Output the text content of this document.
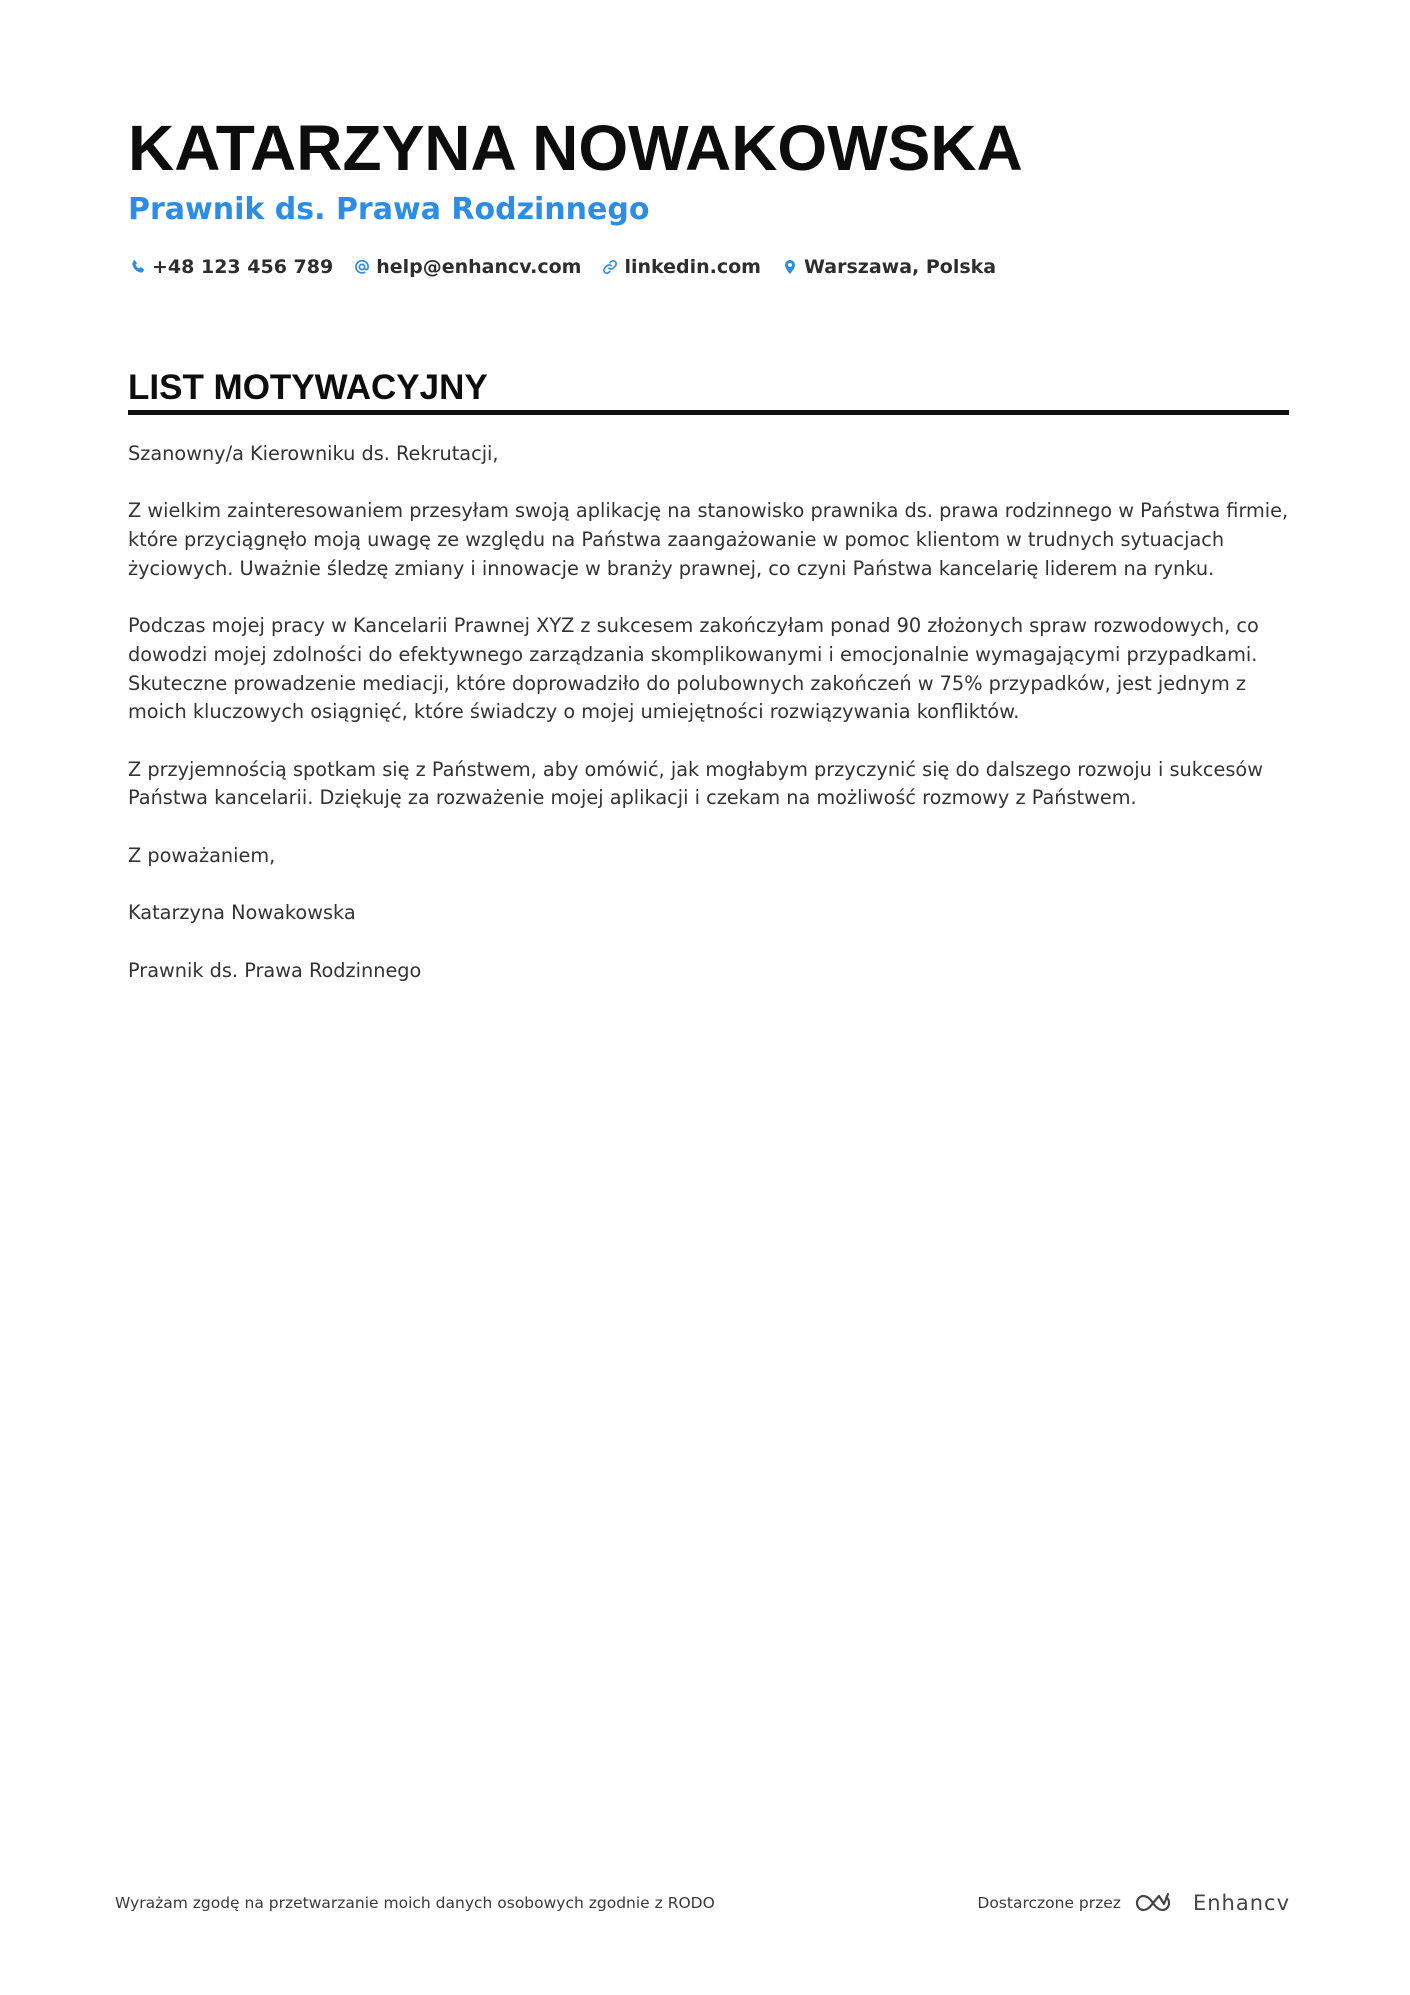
KATARZYNA NOWAKOWSKA
Prawnik ds. Prawa Rodzinnego
+48 123 456 789 help@enhancv.com linkedin.com Warszawa, Polska
LIST MOTYWACYJNY

Szanowny/a Kierowniku ds. Rekrutacji,

Z wielkim zainteresowaniem przesyłam swoją aplikację na stanowisko prawnika ds. prawa rodzinnego w Państwa firmie, które przyciągnęło moją uwagę ze względu na Państwa zaangażowanie w pomoc klientom w trudnych sytuacjach życiowych. Uważnie śledzę zmiany i innowacje w branży prawnej, co czyni Państwa kancelarię liderem na rynku.

Podczas mojej pracy w Kancelarii Prawnej XYZ z sukcesem zakończyłam ponad 90 złożonych spraw rozwodowych, co dowodzi mojej zdolności do efektywnego zarządzania skomplikowanymi i emocjonalnie wymagającymi przypadkami. Skuteczne prowadzenie mediacji, które doprowadziło do polubownych zakończeń w 75% przypadków, jest jednym z moich kluczowych osiągnięć, które świadczy o mojej umiejętności rozwiązywania konfliktów.

Z przyjemnością spotkam się z Państwem, aby omówić, jak mogłabym przyczynić się do dalszego rozwoju i sukcesów Państwa kancelarii. Dziękuję za rozważenie mojej aplikacji i czekam na możliwość rozmowy z Państwem.

Z poważaniem,

Katarzyna Nowakowska

Prawnik ds. Prawa Rodzinnego

Wyrażam zgodę na przetwarzanie moich danych osobowych zgodnie z RODO	Dostarczone przez	Enhancv
